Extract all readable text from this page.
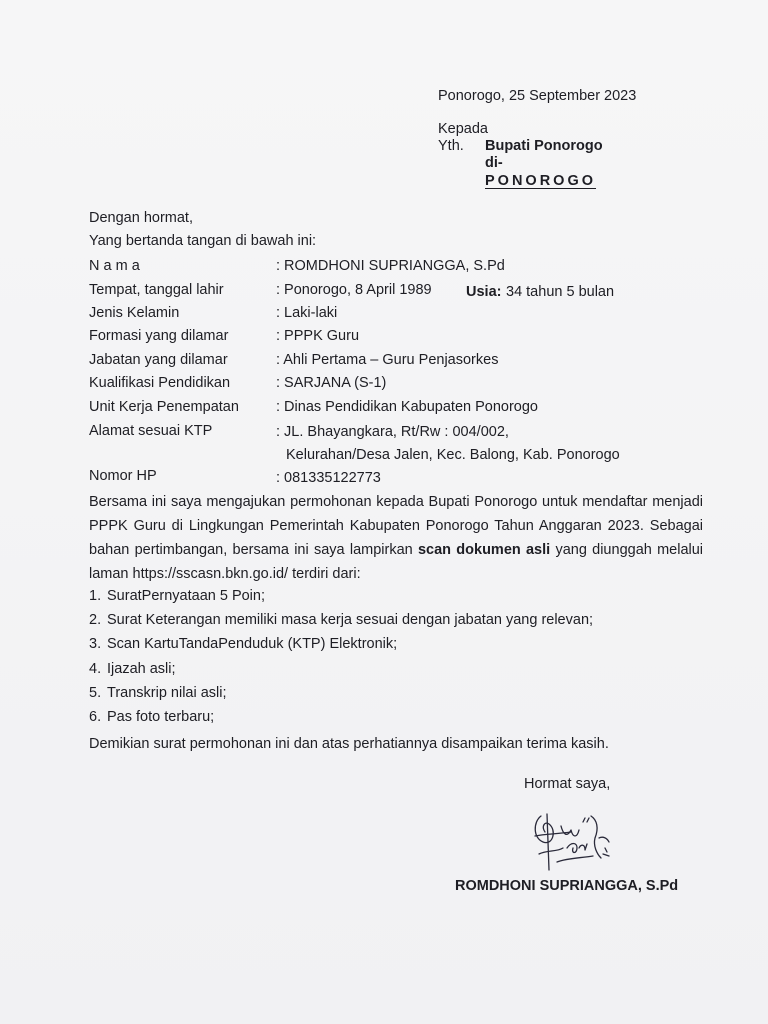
Ponorogo, 25 September 2023
Kepada
Yth. Bupati Ponorogo
di-
PONOROGO
Dengan hormat,
Yang bertanda tangan di bawah ini:
N a m a	: ROMDHONI SUPRIANGGA, S.Pd
Tempat, tanggal lahir	: Ponorogo, 8 April 1989 Usia: 34 tahun 5 bulan
Jenis Kelamin	: Laki-laki
Formasi yang dilamar	: PPPK Guru
Jabatan yang dilamar	: Ahli Pertama – Guru Penjasorkes
Kualifikasi Pendidikan	: SARJANA (S-1)
Unit Kerja Penempatan	: Dinas Pendidikan Kabupaten Ponorogo
Alamat sesuai KTP	: JL. Bhayangkara, Rt/Rw : 004/002,
Kelurahan/Desa Jalen, Kec. Balong, Kab. Ponorogo
Nomor HP	: 081335122773
Bersama ini saya mengajukan permohonan kepada Bupati Ponorogo untuk mendaftar menjadi
PPPK Guru di Lingkungan Pemerintah Kabupaten Ponorogo Tahun Anggaran 2023. Sebagai
bahan pertimbangan, bersama ini saya lampirkan scan dokumen asli yang diunggah melalui
laman https://sscasn.bkn.go.id/ terdiri dari:
1. SuratPernyataan 5 Poin;
2. Surat Keterangan memiliki masa kerja sesuai dengan jabatan yang relevan;
3. Scan KartuTandaPenduduk (KTP) Elektronik;
4. Ijazah asli;
5. Transkrip nilai asli;
6. Pas foto terbaru;
Demikian surat permohonan ini dan atas perhatiannya disampaikan terima kasih.
Hormat saya,
ROMDHONI SUPRIANGGA, S.Pd
